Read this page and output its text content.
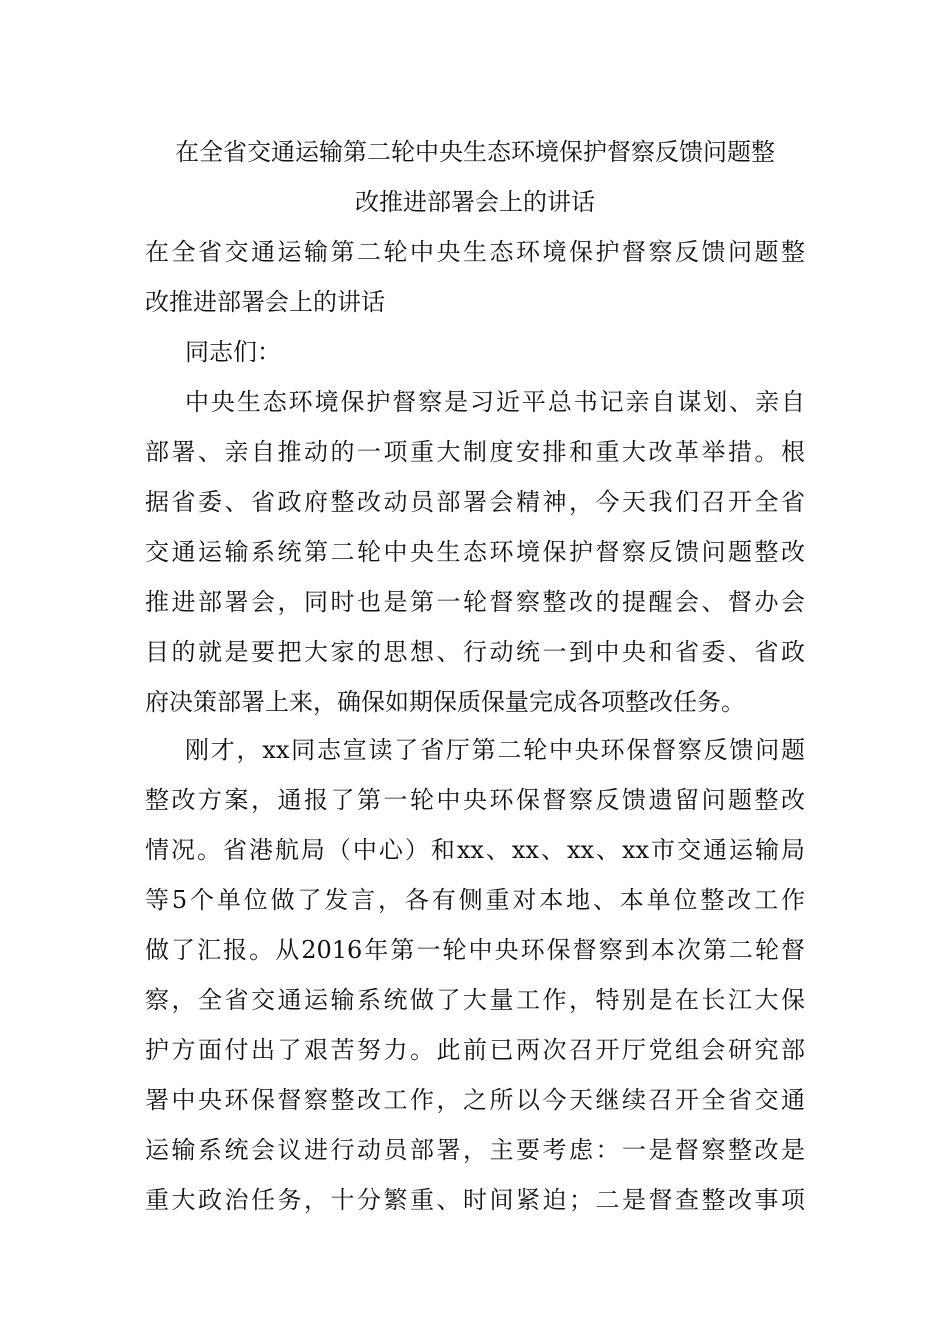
在全省交通运输第二轮中央生态环境保护督察反馈问题整
改推进部署会上的讲话
在全省交通运输第二轮中央生态环境保护督察反馈问题整
改推进部署会上的讲话
同志们：
中央生态环境保护督察是习近平总书记亲自谋划、亲自
部署、亲自推动的一项重大制度安排和重大改革举措。根
据省委、省政府整改动员部署会精神，今天我们召开全省
交通运输系统第二轮中央生态环境保护督察反馈问题整改
推进部署会，同时也是第一轮督察整改的提醒会、督办会
目的就是要把大家的思想、行动统一到中央和省委、省政
府决策部署上来，确保如期保质保量完成各项整改任务。
刚才，xx同志宣读了省厅第二轮中央环保督察反馈问题
整改方案，通报了第一轮中央环保督察反馈遗留问题整改
情况。省港航局（中心）和xx、xx、xx、xx市交通运输局
等5个单位做了发言，各有侧重对本地、本单位整改工作
做了汇报。从2016年第一轮中央环保督察到本次第二轮督
察，全省交通运输系统做了大量工作，特别是在长江大保
护方面付出了艰苦努力。此前已两次召开厅党组会研究部
署中央环保督察整改工作，之所以今天继续召开全省交通
运输系统会议进行动员部署，主要考虑：一是督察整改是
重大政治任务，十分繁重、时间紧迫；二是督查整改事项
